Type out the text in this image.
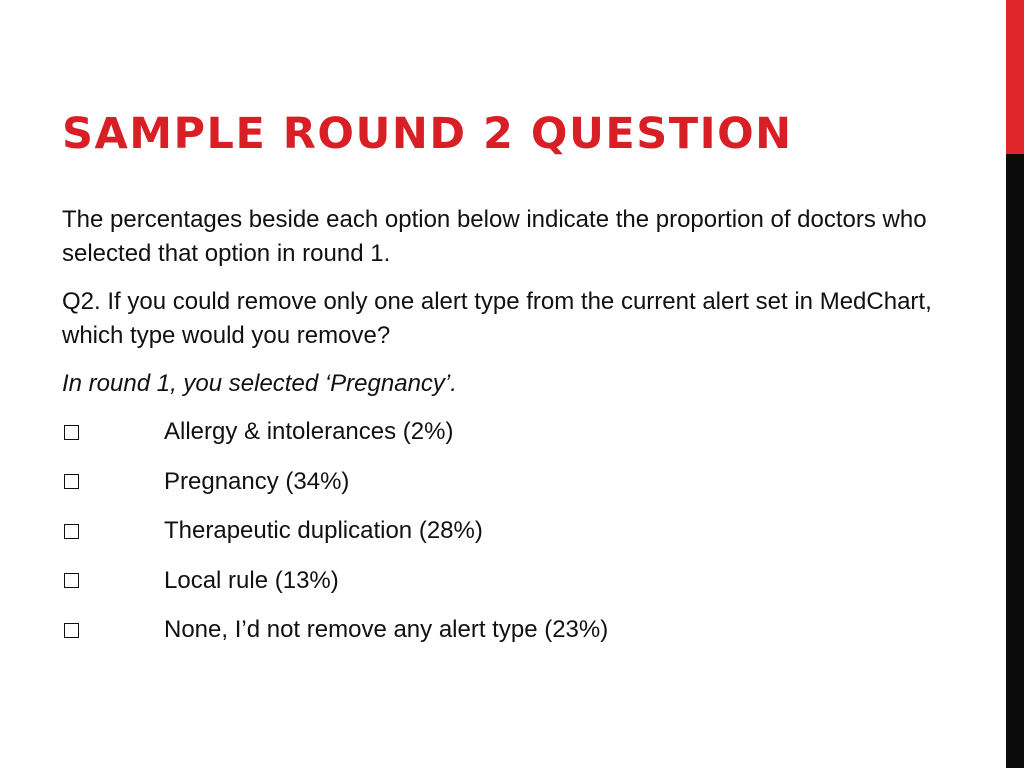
SAMPLE ROUND 2 QUESTION

The percentages beside each option below indicate the proportion of doctors who selected that option in round 1.

Q2. If you could remove only one alert type from the current alert set in MedChart, which type would you remove?

In round 1, you selected ‘Pregnancy’.

Allergy & intolerances (2%)
Pregnancy (34%)
Therapeutic duplication (28%)
Local rule (13%)
None, I’d not remove any alert type (23%)
